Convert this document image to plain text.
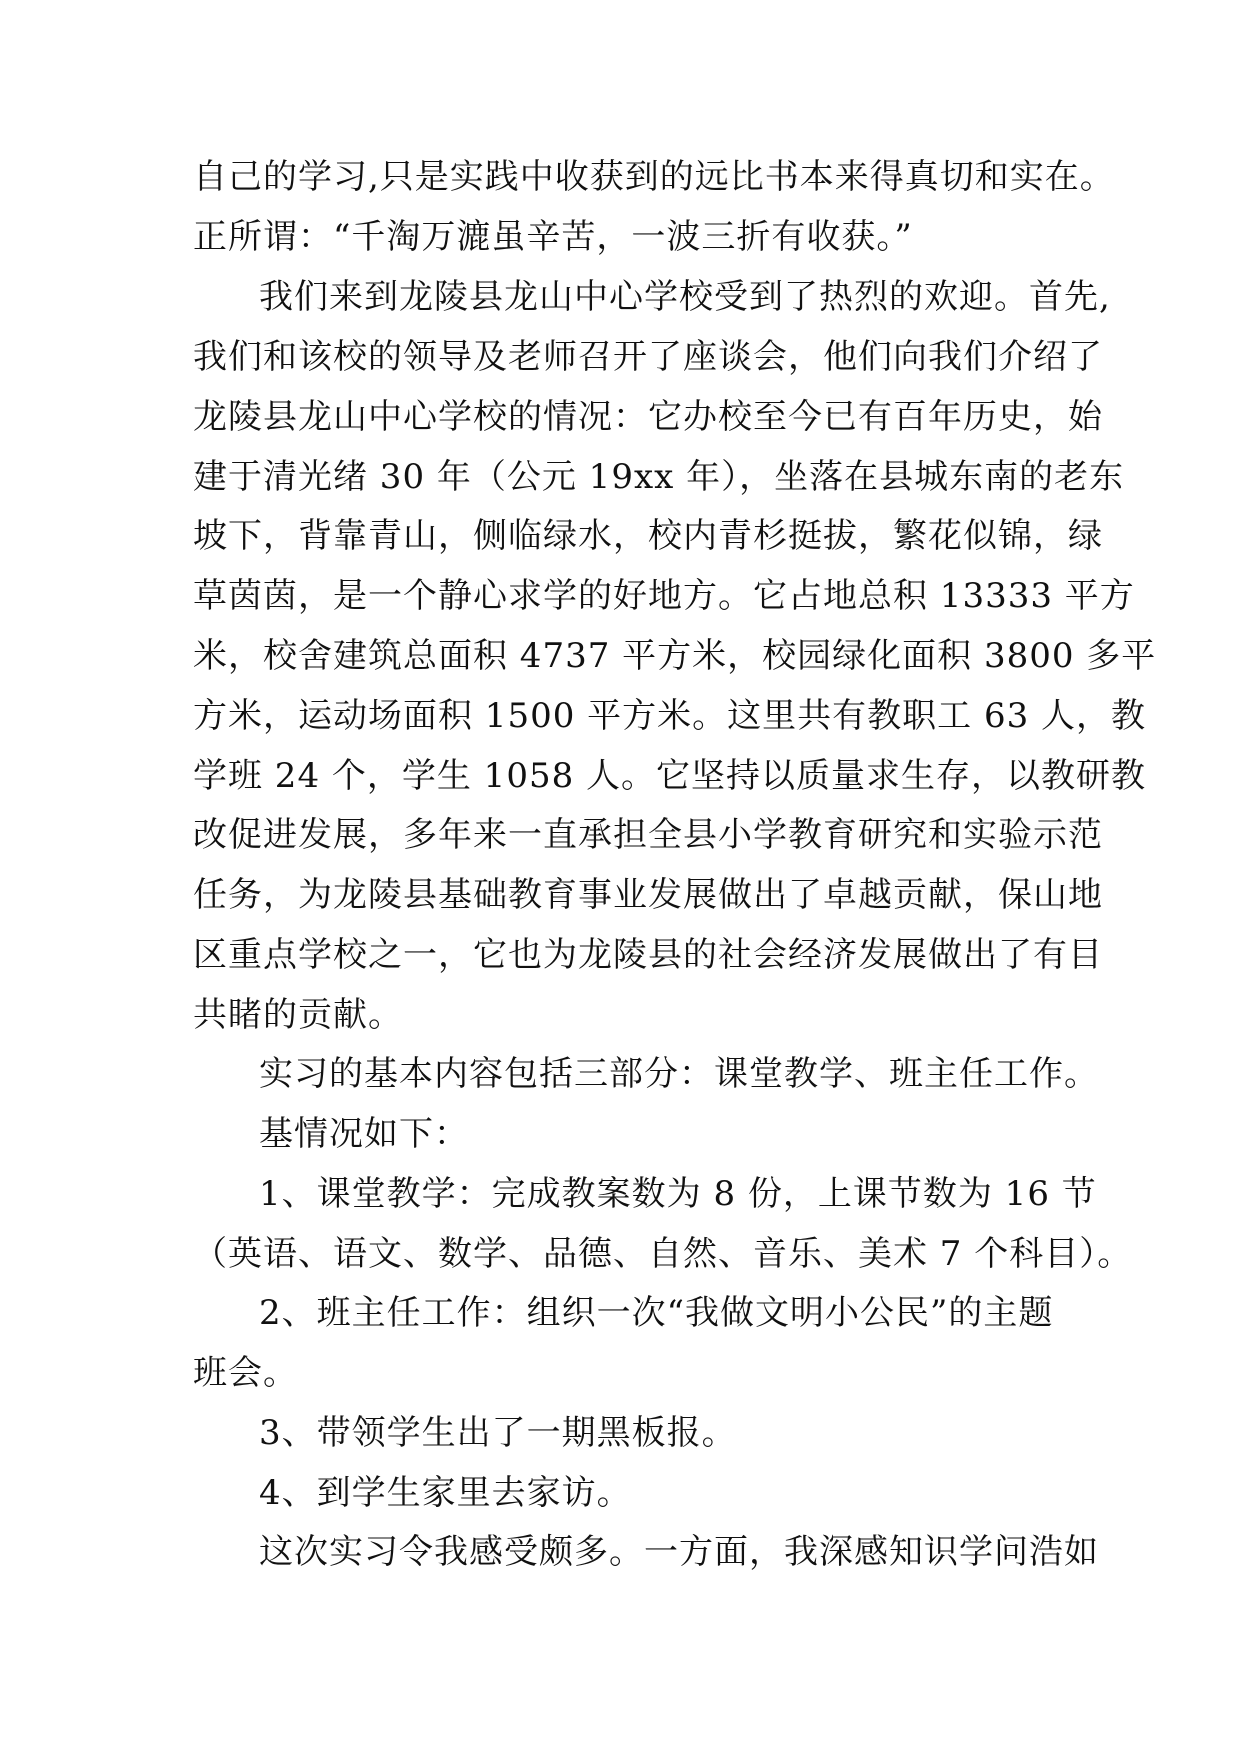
自己的学习,只是实践中收获到的远比书本来得真切和实在。
正所谓：“千淘万漉虽辛苦，一波三折有收获。”
我们来到龙陵县龙山中心学校受到了热烈的欢迎。首先,
我们和该校的领导及老师召开了座谈会，他们向我们介绍了
龙陵县龙山中心学校的情况：它办校至今已有百年历史，始
建于清光绪 30 年（公元 19xx 年），坐落在县城东南的老东
坡下，背靠青山，侧临绿水，校内青杉挺拔，繁花似锦，绿
草茵茵，是一个静心求学的好地方。它占地总积 13333 平方
米，校舍建筑总面积 4737 平方米，校园绿化面积 3800 多平
方米，运动场面积 1500 平方米。这里共有教职工 63 人，教
学班 24 个，学生 1058 人。它坚持以质量求生存，以教研教
改促进发展，多年来一直承担全县小学教育研究和实验示范
任务，为龙陵县基础教育事业发展做出了卓越贡献，保山地
区重点学校之一，它也为龙陵县的社会经济发展做出了有目
共睹的贡献。
实习的基本内容包括三部分：课堂教学、班主任工作。
基情况如下：
1、课堂教学：完成教案数为 8 份，上课节数为 16 节
（英语、语文、数学、品德、自然、音乐、美术 7 个科目）。
2、班主任工作：组织一次“我做文明小公民”的主题
班会。
3、带领学生出了一期黑板报。
4、到学生家里去家访。
这次实习令我感受颇多。一方面，我深感知识学问浩如
